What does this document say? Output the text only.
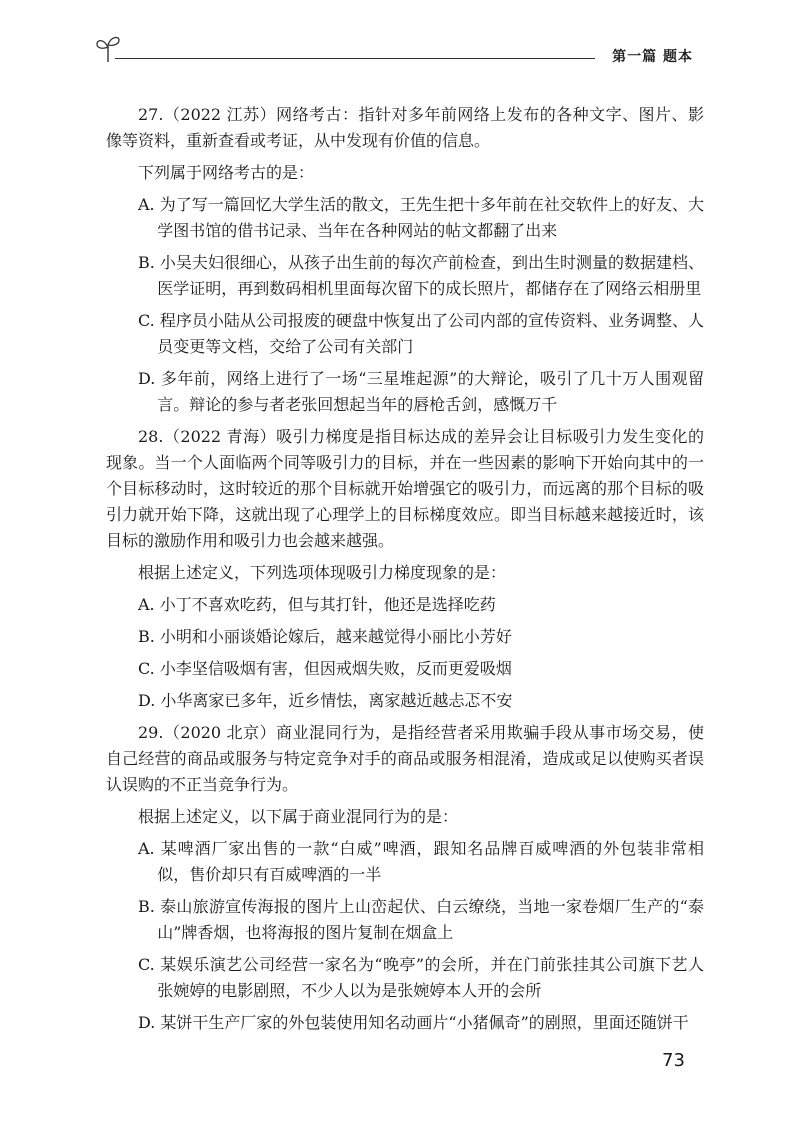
第一篇 题本

27.（2022 江苏）网络考古：指针对多年前网络上发布的各种文字、图片、影像等资料，重新查看或考证，从中发现有价值的信息。

下列属于网络考古的是：

A. 为了写一篇回忆大学生活的散文，王先生把十多年前在社交软件上的好友、大学图书馆的借书记录、当年在各种网站的帖文都翻了出来

B. 小吴夫妇很细心，从孩子出生前的每次产前检查，到出生时测量的数据建档、医学证明，再到数码相机里面每次留下的成长照片，都储存在了网络云相册里

C. 程序员小陆从公司报废的硬盘中恢复出了公司内部的宣传资料、业务调整、人员变更等文档，交给了公司有关部门

D. 多年前，网络上进行了一场“三星堆起源”的大辩论，吸引了几十万人围观留言。辩论的参与者老张回想起当年的唇枪舌剑，感慨万千

28.（2022 青海）吸引力梯度是指目标达成的差异会让目标吸引力发生变化的现象。当一个人面临两个同等吸引力的目标，并在一些因素的影响下开始向其中的一个目标移动时，这时较近的那个目标就开始增强它的吸引力，而远离的那个目标的吸引力就开始下降，这就出现了心理学上的目标梯度效应。即当目标越来越接近时，该目标的激励作用和吸引力也会越来越强。

根据上述定义，下列选项体现吸引力梯度现象的是：

A. 小丁不喜欢吃药，但与其打针，他还是选择吃药

B. 小明和小丽谈婚论嫁后，越来越觉得小丽比小芳好

C. 小李坚信吸烟有害，但因戒烟失败，反而更爱吸烟

D. 小华离家已多年，近乡情怯，离家越近越忐忑不安

29.（2020 北京）商业混同行为，是指经营者采用欺骗手段从事市场交易，使自己经营的商品或服务与特定竞争对手的商品或服务相混淆，造成或足以使购买者误认误购的不正当竞争行为。

根据上述定义，以下属于商业混同行为的是：

A. 某啤酒厂家出售的一款“白威”啤酒，跟知名品牌百威啤酒的外包装非常相似，售价却只有百威啤酒的一半

B. 泰山旅游宣传海报的图片上山峦起伏、白云缭绕，当地一家卷烟厂生产的“泰山”牌香烟，也将海报的图片复制在烟盒上

C. 某娱乐演艺公司经营一家名为“晚亭”的会所，并在门前张挂其公司旗下艺人张婉婷的电影剧照，不少人以为是张婉婷本人开的会所

D. 某饼干生产厂家的外包装使用知名动画片“小猪佩奇”的剧照，里面还随饼干

73
